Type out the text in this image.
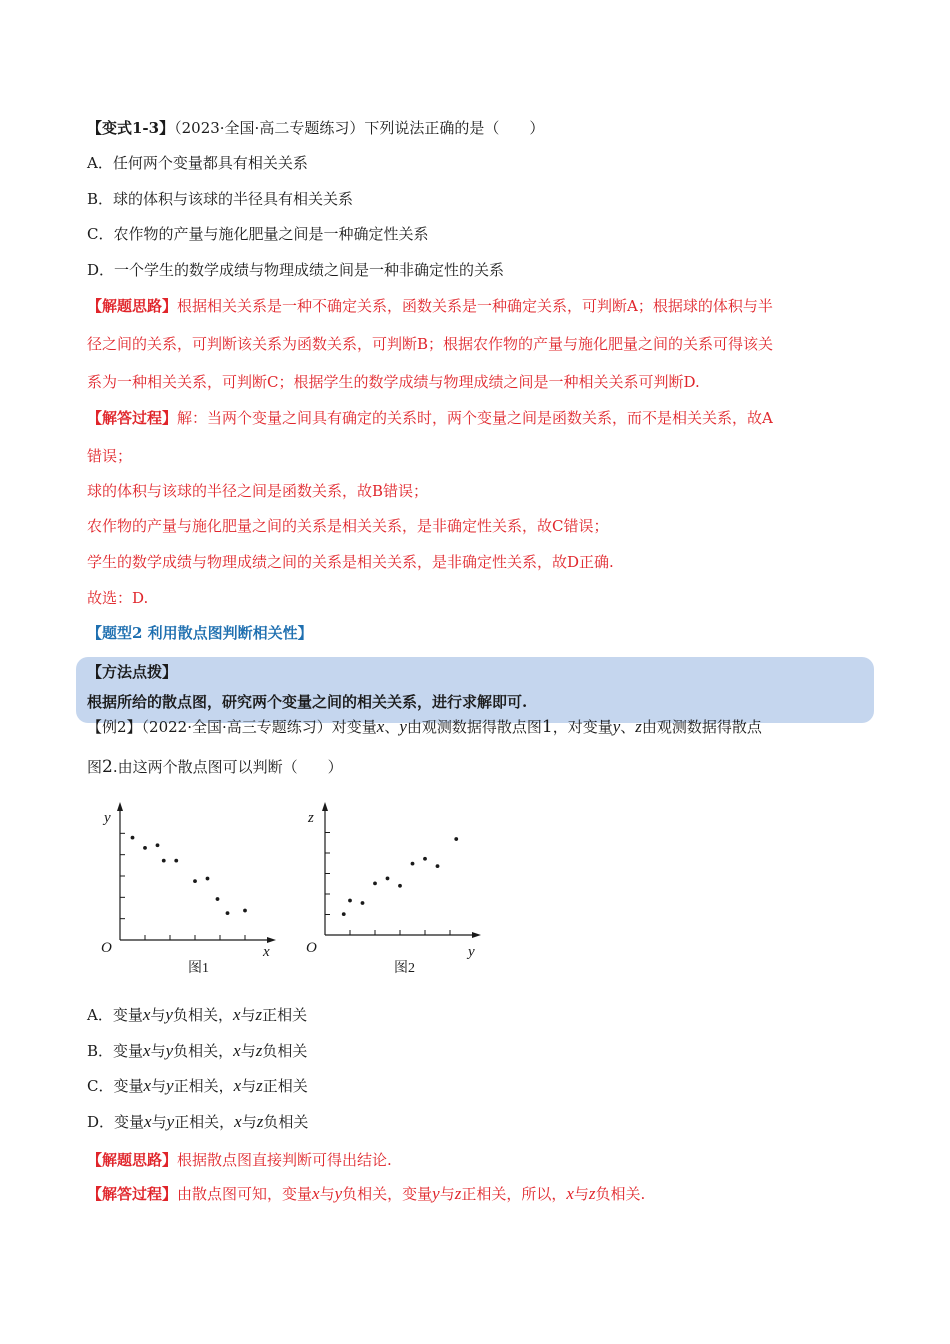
【变式1-3】（2023·全国·高二专题练习）下列说法正确的是（　　）
A．任何两个变量都具有相关关系
B．球的体积与该球的半径具有相关关系
C．农作物的产量与施化肥量之间是一种确定性关系
D．一个学生的数学成绩与物理成绩之间是一种非确定性的关系
【解题思路】根据相关关系是一种不确定关系，函数关系是一种确定关系，可判断A；根据球的体积与半
径之间的关系，可判断该关系为函数关系，可判断B；根据农作物的产量与施化肥量之间的关系可得该关
系为一种相关关系，可判断C；根据学生的数学成绩与物理成绩之间是一种相关关系可判断D.
【解答过程】解：当两个变量之间具有确定的关系时，两个变量之间是函数关系，而不是相关关系，故A
错误；
球的体积与该球的半径之间是函数关系，故B错误；
农作物的产量与施化肥量之间的关系是相关关系，是非确定性关系，故C错误；
学生的数学成绩与物理成绩之间的关系是相关关系，是非确定性关系，故D正确.
故选：D.
【题型2 利用散点图判断相关性】
【方法点拨】
根据所给的散点图，研究两个变量之间的相关关系，进行求解即可.
【例2】（2022·全国·高三专题练习）对变量x、y由观测数据得散点图1，对变量y、z由观测数据得散点
图2.由这两个散点图可以判断（　　）
y
x
O
图1
z
y
O
图2
A．变量x与y负相关，x与z正相关
B．变量x与y负相关，x与z负相关
C．变量x与y正相关，x与z正相关
D．变量x与y正相关，x与z负相关
【解题思路】根据散点图直接判断可得出结论.
【解答过程】由散点图可知，变量x与y负相关，变量y与z正相关，所以，x与z负相关.
